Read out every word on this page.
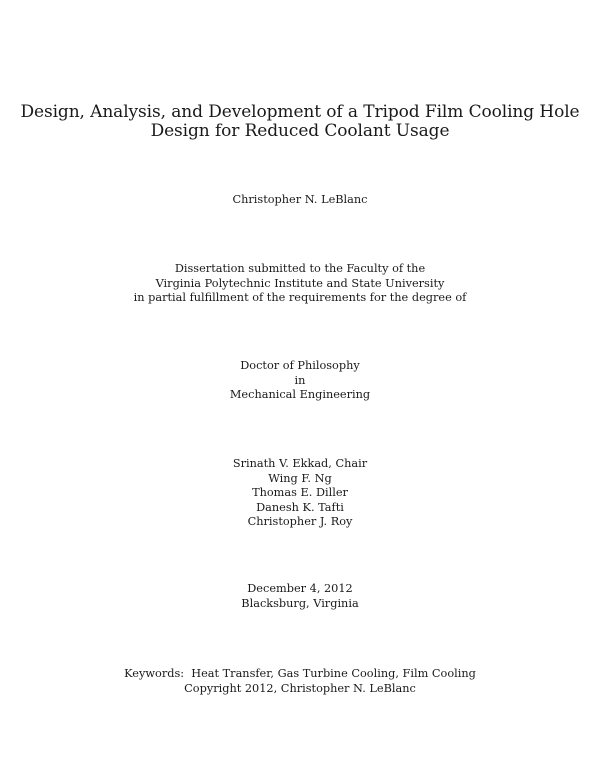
Design, Analysis, and Development of a Tripod Film Cooling Hole
Design for Reduced Coolant Usage
Christopher N. LeBlanc
Dissertation submitted to the Faculty of the
Virginia Polytechnic Institute and State University
in partial fulfillment of the requirements for the degree of
Doctor of Philosophy
in
Mechanical Engineering
Srinath V. Ekkad, Chair
Wing F. Ng
Thomas E. Diller
Danesh K. Tafti
Christopher J. Roy
December 4, 2012
Blacksburg, Virginia
Keywords:  Heat Transfer, Gas Turbine Cooling, Film Cooling
Copyright 2012, Christopher N. LeBlanc
